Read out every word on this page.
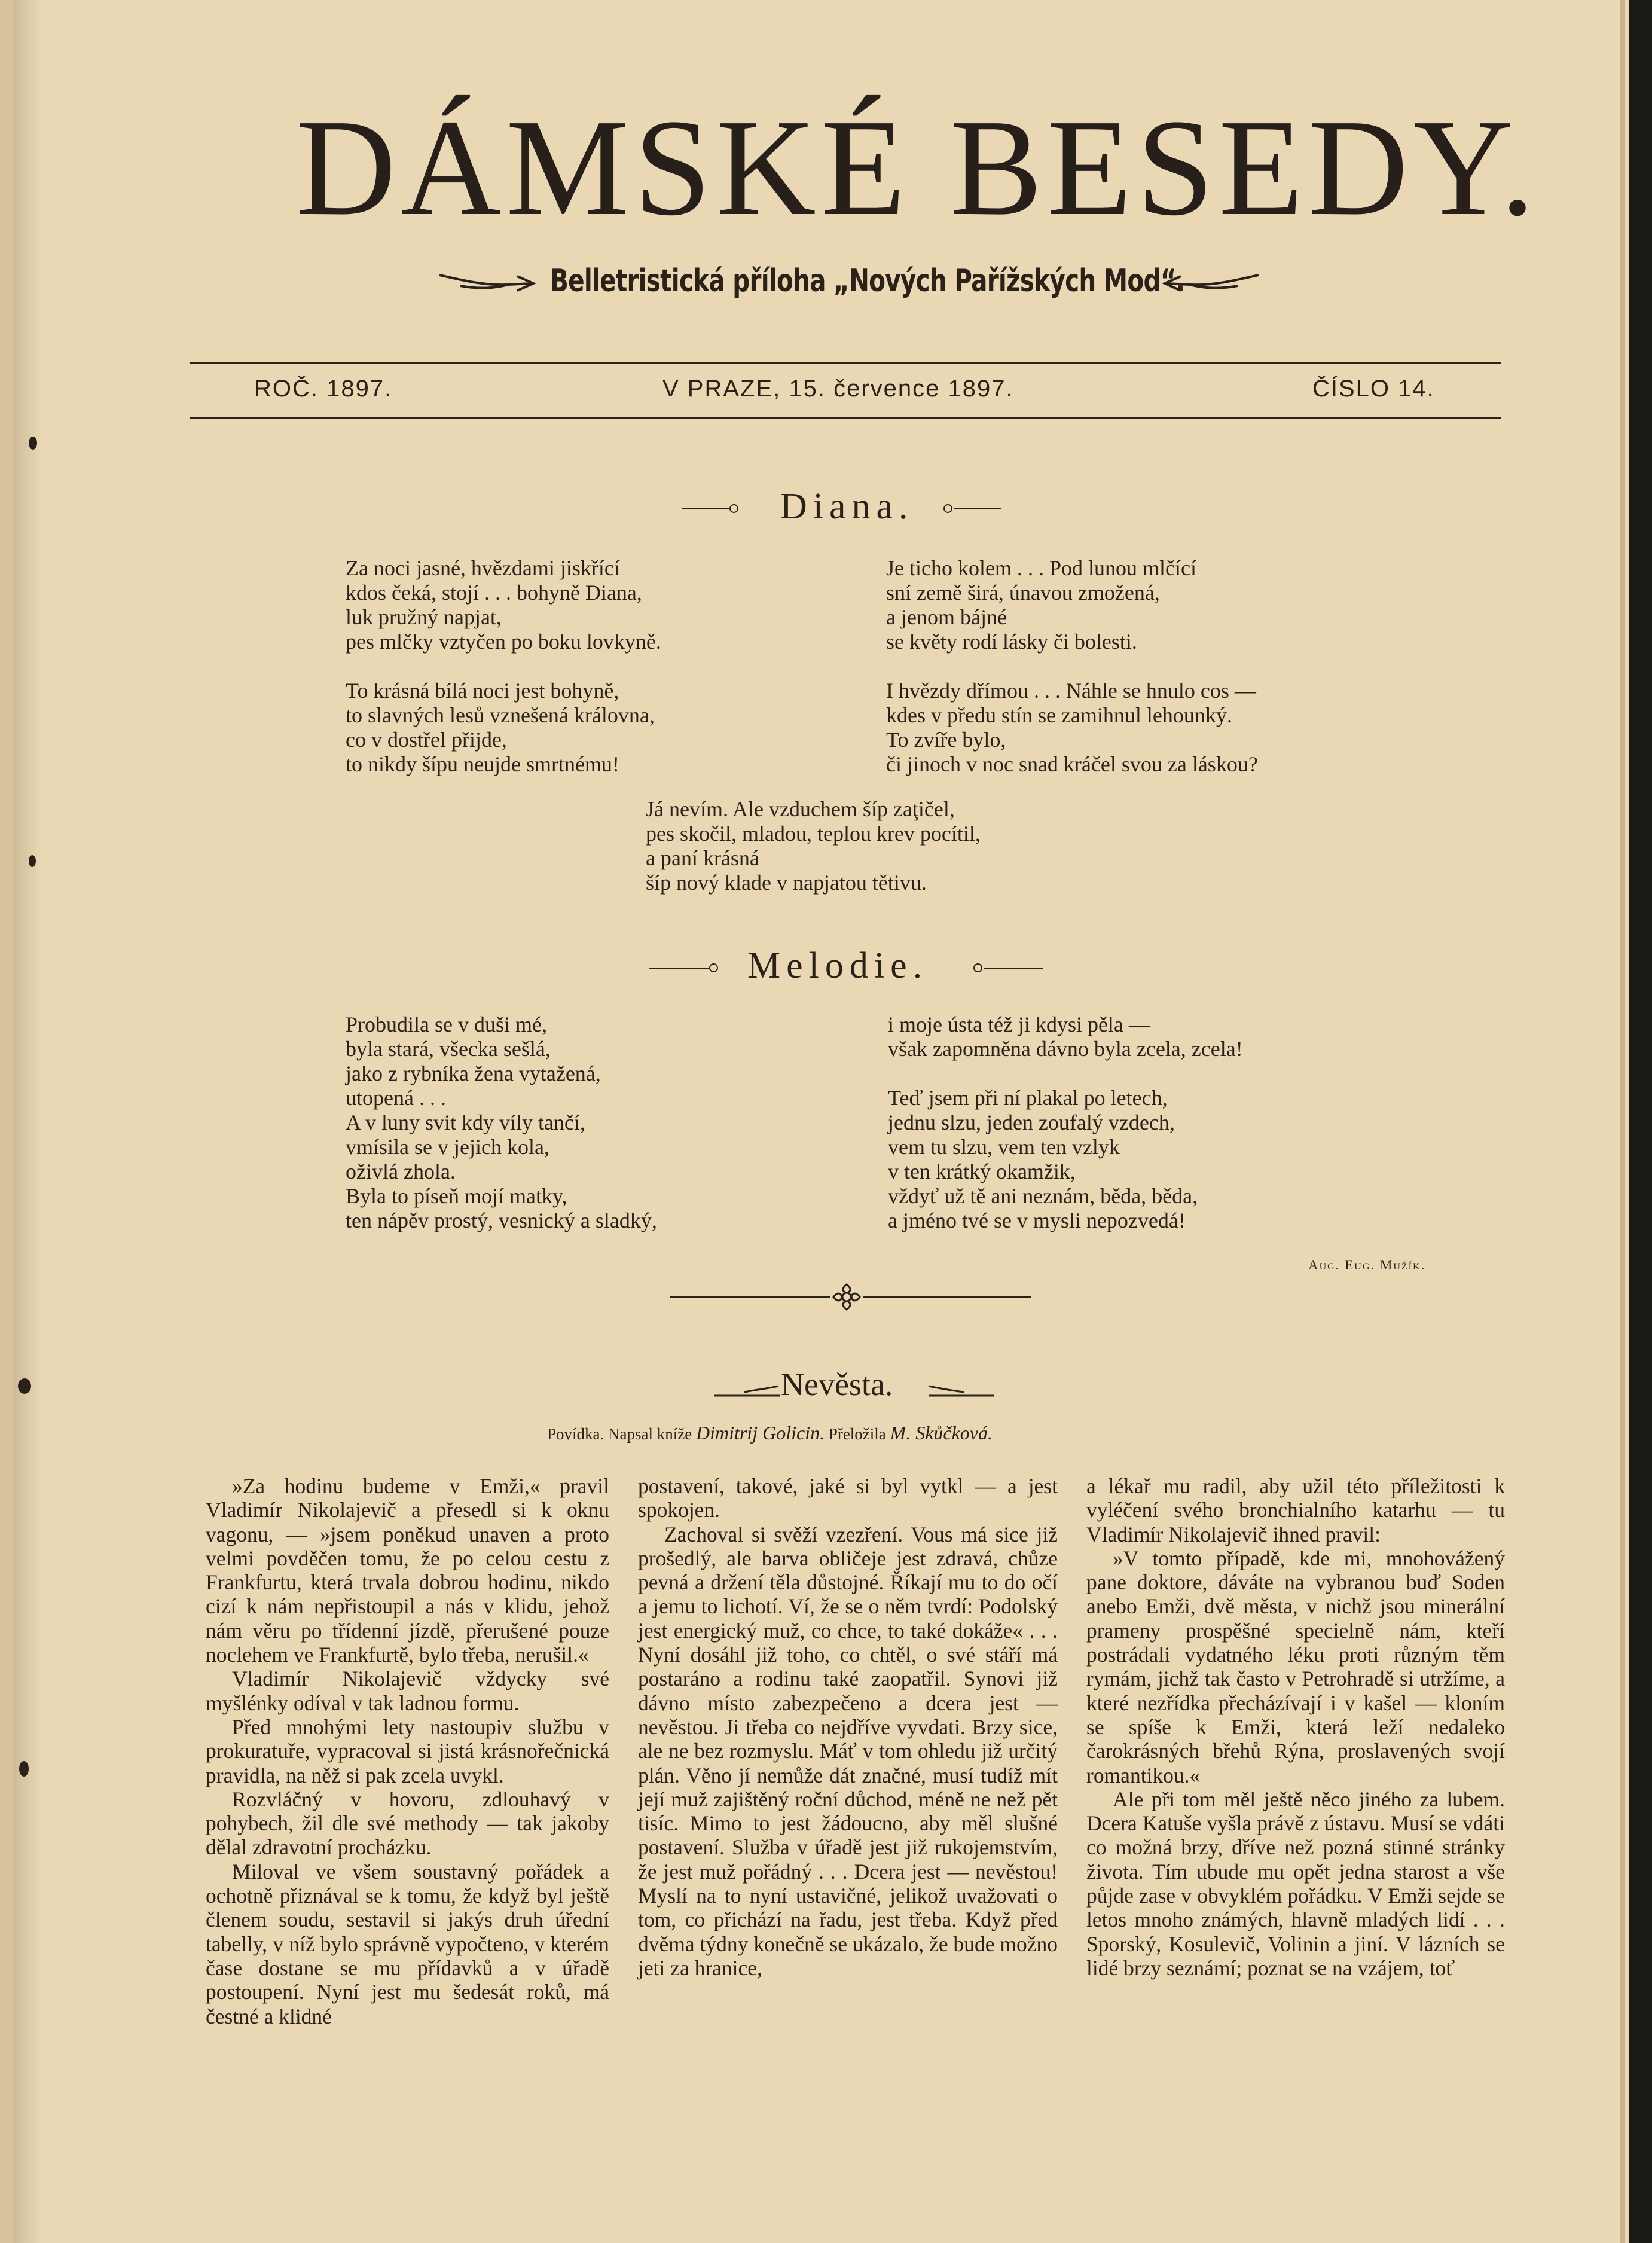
DÁMSKÉ BESEDY.
Belletristická příloha „Nových Pařížských Mod“.
ROČ. 1897.	V PRAZE, 15. července 1897.	ČÍSLO 14.
Diana.
Za noci jasné, hvězdami jiskřící
kdos čeká, stojí . . . bohyně Diana,
luk pružný napjat,
pes mlčky vztyčen po boku lovkyně.

To krásná bílá noci jest bohyně,
to slavných lesů vznešená královna,
co v dostřel přijde,
to nikdy šípu neujde smrtnému!
Je ticho kolem . . . Pod lunou mlčící
sní země širá, únavou zmožená,
a jenom bájné
se květy rodí lásky či bolesti.

I hvězdy dřímou . . . Náhle se hnulo cos —
kdes v předu stín se zamihnul lehounký.
To zvíře bylo,
či jinoch v noc snad kráčel svou za láskou?
Já nevím. Ale vzduchem šíp zaţičel,
pes skočil, mladou, teplou krev pocítil,
a paní krásná
šíp nový klade v napjatou tětivu.
Melodie.
Probudila se v duši mé,
byla stará, všecka sešlá,
jako z rybníka žena vytažená,
utopená . . .
A v luny svit kdy víly tančí,
vmísila se v jejich kola,
oživlá zhola.
Byla to píseň mojí matky,
ten nápěv prostý, vesnický a sladký,
i moje ústa též ji kdysi pěla —
však zapomněna dávno byla zcela, zcela!

Teď jsem při ní plakal po letech,
jednu slzu, jeden zoufalý vzdech,
vem tu slzu, vem ten vzlyk
v ten krátký okamžik,
vždyť už tě ani neznám, běda, běda,
a jméno tvé se v mysli nepozvedá!
Aug. Eug. Mužík.
Nevěsta.
Povídka. Napsal kníže Dimitrij Golicin. Přeložila M. Skůčková.

»Za hodinu budeme v Emži,« pravil Vladimír Nikolajevič a přesedl si k oknu vagonu, — »jsem poněkud unaven a proto velmi povděčen tomu, že po celou cestu z Frankfurtu, která trvala dobrou hodinu, nikdo cizí k nám nepřistoupil a nás v klidu, jehož nám věru po třídenní jízdě, přerušené pouze noclehem ve Frankfurtě, bylo třeba, nerušil.«

Vladimír Nikolajevič vždycky své myšlénky odíval v tak ladnou formu.

Před mnohými lety nastoupiv službu v prokuratuře, vypracoval si jistá krásnořečnická pravidla, na něž si pak zcela uvykl.

Rozvláčný v hovoru, zdlouhavý v pohybech, žil dle své methody — tak jakoby dělal zdravotní procházku.

Miloval ve všem soustavný pořádek a ochotně přiznával se k tomu, že když byl ještě členem soudu, sestavil si jakýs druh úřední tabelly, v níž bylo správně vypočteno, v kterém čase dostane se mu přídavků a v úřadě postoupení. Nyní jest mu šedesát roků, má čestné a klidné

postavení, takové, jaké si byl vytkl — a jest spokojen.

Zachoval si svěží vzezření. Vous má sice již prošedlý, ale barva obličeje jest zdravá, chůze pevná a držení těla důstojné. Říkají mu to do očí a jemu to lichotí. Ví, že se o něm tvrdí: Podolský jest energický muž, co chce, to také dokáže« . . . Nyní dosáhl již toho, co chtěl, o své stáří má postaráno a rodinu také zaopatřil. Synovi již dávno místo zabezpečeno a dcera jest — nevěstou. Ji třeba co nejdříve vyvdati. Brzy sice, ale ne bez rozmyslu. Máť v tom ohledu již určitý plán. Věno jí nemůže dát značné, musí tudíž mít její muž zajištěný roční důchod, méně ne než pět tisíc. Mimo to jest žádoucno, aby měl slušné postavení. Služba v úřadě jest již rukojemstvím, že jest muž pořádný . . . Dcera jest — nevěstou! Myslí na to nyní ustavičné, jelikož uvažovati o tom, co přichází na řadu, jest třeba. Když před dvěma týdny konečně se ukázalo, že bude možno jeti za hranice,

a lékař mu radil, aby užil této příležitosti k vyléčení svého bronchialního katarhu — tu Vladimír Nikolajevič ihned pravil:

»V tomto případě, kde mi, mnohovážený pane doktore, dáváte na vybranou buď Soden anebo Emži, dvě města, v nichž jsou minerální prameny prospěšné specielně nám, kteří postrádali vydatného léku proti různým těm rymám, jichž tak často v Petrohradě si utržíme, a které nezřídka přecházívají i v kašel — kloním se spíše k Emži, která leží nedaleko čarokrásných břehů Rýna, proslavených svojí romantikou.«

Ale při tom měl ještě něco jiného za lubem. Dcera Katuše vyšla právě z ústavu. Musí se vdáti co možná brzy, dříve než pozná stinné stránky života. Tím ubude mu opět jedna starost a vše půjde zase v obvyklém pořádku. V Emži sejde se letos mnoho známých, hlavně mladých lidí . . . Sporský, Kosulevič, Volinin a jiní. V lázních se lidé brzy seznámí; poznat se na vzájem, toť
